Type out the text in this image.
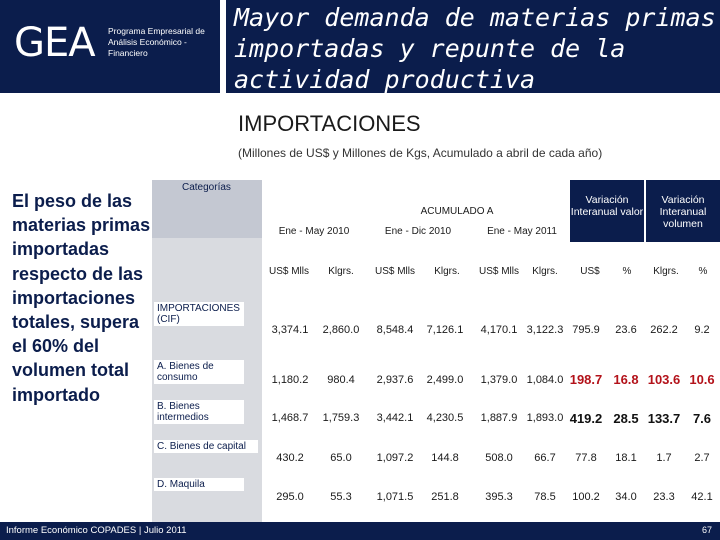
GEA Programa Empresarial de Análisis Económico - Financiero
Mayor demanda de materias primas importadas y repunte de la actividad productiva
IMPORTACIONES
(Millones de US$ y Millones de Kgs, Acumulado a abril de cada año)
El peso de las materias primas importadas respecto de las importaciones totales, supera el 60% del volumen total importado
Categorías
ACUMULADO A
Ene - May 2010	Ene - Dic 2010	Ene - May 2011
Variación Interanual valor
Variación Interanual volumen
US$ Mlls	Klgrs.	US$ Mlls	Klgrs.	US$ Mlls	Klgrs.	US$	%	Klgrs.	%
IMPORTACIONES (CIF)
A. Bienes de consumo
B. Bienes intermedios
C. Bienes de capital
D. Maquila
3,374.1	2,860.0	8,548.4	7,126.1	4,170.1 3,122.3 795.9	23.6	262.2	9.2
1,180.2	980.4	2,937.6	2,499.0	1,379.0 1,084.0 198.7 16.8 103.6 10.6
1,468.7	1,759.3	3,442.1	4,230.5	1,887.9 1,893.0 419.2 28.5 133.7 7.6
430.2	65.0	1,097.2	144.8	508.0	66.7	77.8	18.1	1.7	2.7
295.0	55.3	1,071.5	251.8	395.3	78.5	100.2	34.0	23.3	42.1
Informe Económico COPADES | Julio 2011	67
